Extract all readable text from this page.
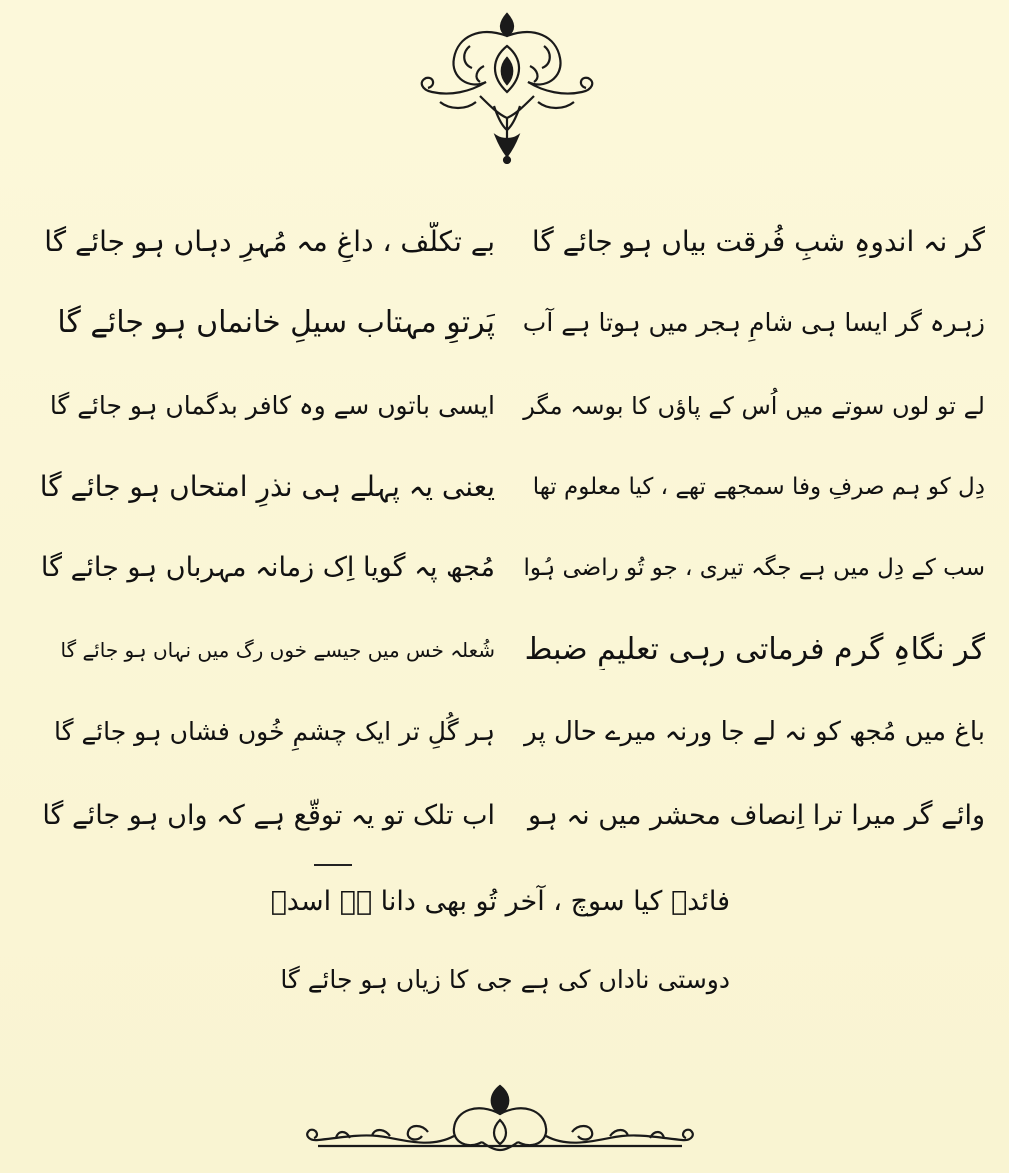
گر نہ اندوہِ شبِ فُرقت بیاں ہو جائے گا
بے تکلُّف ، داغِ مہ مُہرِ دہاں ہو جائے گا
زہرہ گر ایسا ہی شامِ ہجر میں ہوتا ہے آب
پَرتوِ مہتاب سیلِ خانماں ہو جائے گا
لے تو لوں سوتے میں اُس کے پاؤں کا بوسہ مگر
ایسی باتوں سے وہ کافر بدگماں ہو جائے گا
دِل کو ہم صرفِ وفا سمجھے تھے ، کیا معلوم تھا
یعنی یہ پہلے ہی نذرِ امتحاں ہو جائے گا
سب کے دِل میں ہے جگہ تیری ، جو تُو راضی ہُوا
مُجھ پہ گویا اِک زمانہ مہرباں ہو جائے گا
گر نگاہِ گرم فرماتی رہی تعلیمِ ضبط
شُعلہ خس میں جیسے خوں رگ میں نہاں ہو جائے گا
باغ میں مُجھ کو نہ لے جا ورنہ میرے حال پر
ہر گُلِ تر ایک چشمِ خُوں فشاں ہو جائے گا
وائے گر میرا ترا اِنصاف محشر میں نہ ہو
اب تلک تو یہ توقّع ہے کہ واں ہو جائے گا
فائدہ کیا سوچ ، آخر تُو بھی دانا ہے اسدؔ
دوستی ناداں کی ہے جی کا زیاں ہو جائے گا
